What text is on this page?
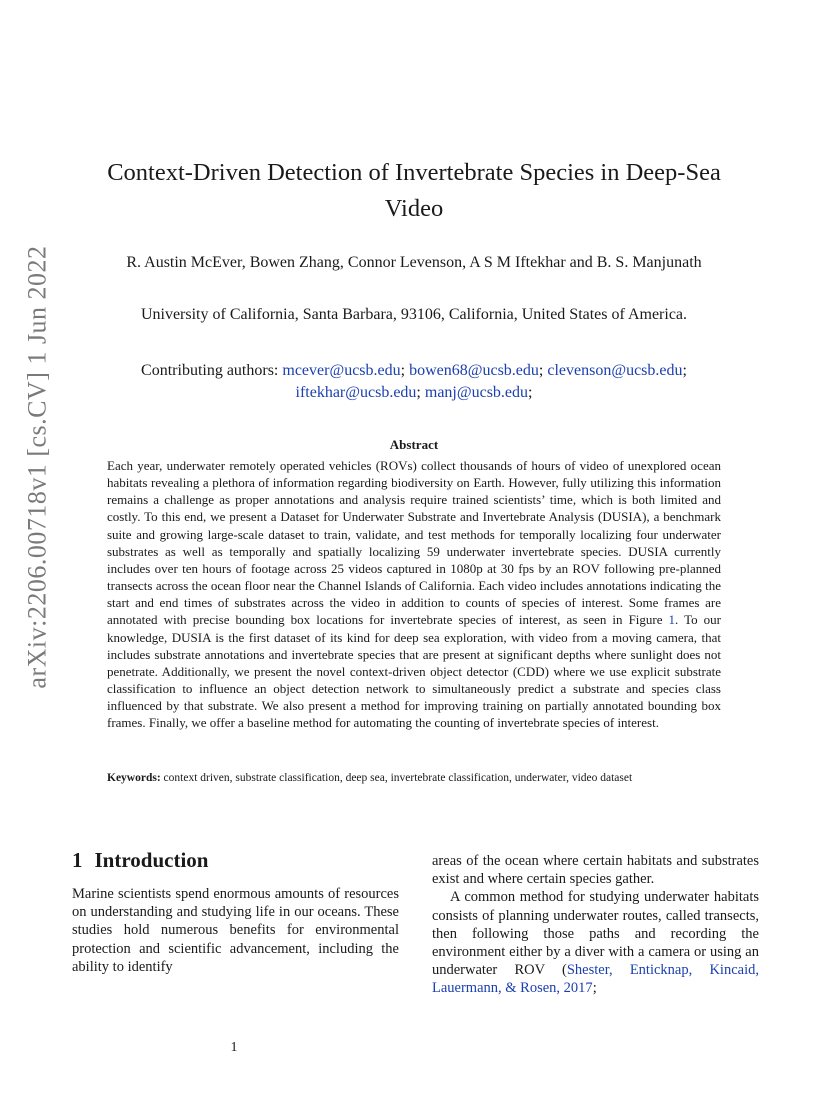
arXiv:2206.00718v1 [cs.CV] 1 Jun 2022
Context-Driven Detection of Invertebrate Species in Deep-Sea Video
R. Austin McEver, Bowen Zhang, Connor Levenson, A S M Iftekhar and B. S. Manjunath
University of California, Santa Barbara, 93106, California, United States of America.
Contributing authors: mcever@ucsb.edu; bowen68@ucsb.edu; clevenson@ucsb.edu;
iftekhar@ucsb.edu; manj@ucsb.edu;
Abstract
Each year, underwater remotely operated vehicles (ROVs) collect thousands of hours of video of unexplored ocean habitats revealing a plethora of information regarding biodiversity on Earth. However, fully utilizing this information remains a challenge as proper annotations and analysis require trained scientists’ time, which is both limited and costly. To this end, we present a Dataset for Underwater Substrate and Invertebrate Analysis (DUSIA), a benchmark suite and growing large-scale dataset to train, validate, and test methods for temporally localizing four underwater substrates as well as temporally and spatially localizing 59 underwater invertebrate species. DUSIA currently includes over ten hours of footage across 25 videos captured in 1080p at 30 fps by an ROV following pre-planned transects across the ocean floor near the Channel Islands of California. Each video includes annotations indicating the start and end times of substrates across the video in addition to counts of species of interest. Some frames are annotated with precise bounding box locations for invertebrate species of interest, as seen in Figure 1. To our knowledge, DUSIA is the first dataset of its kind for deep sea exploration, with video from a moving camera, that includes substrate annotations and invertebrate species that are present at significant depths where sunlight does not penetrate. Additionally, we present the novel context-driven object detector (CDD) where we use explicit substrate classification to influence an object detection network to simultaneously predict a substrate and species class influenced by that substrate. We also present a method for improving training on partially annotated bounding box frames. Finally, we offer a baseline method for automating the counting of invertebrate species of interest.
Keywords: context driven, substrate classification, deep sea, invertebrate classification, underwater, video dataset
1 Introduction

Marine scientists spend enormous amounts of resources on understanding and studying life in our oceans. These studies hold numerous benefits for environmental protection and scientific advancement, including the ability to identify

areas of the ocean where certain habitats and substrates exist and where certain species gather.

A common method for studying underwater habitats consists of planning underwater routes, called transects, then following those paths and recording the environment either by a diver with a camera or using an underwater ROV (Shester, Enticknap, Kincaid, Lauermann, & Rosen, 2017;

1
